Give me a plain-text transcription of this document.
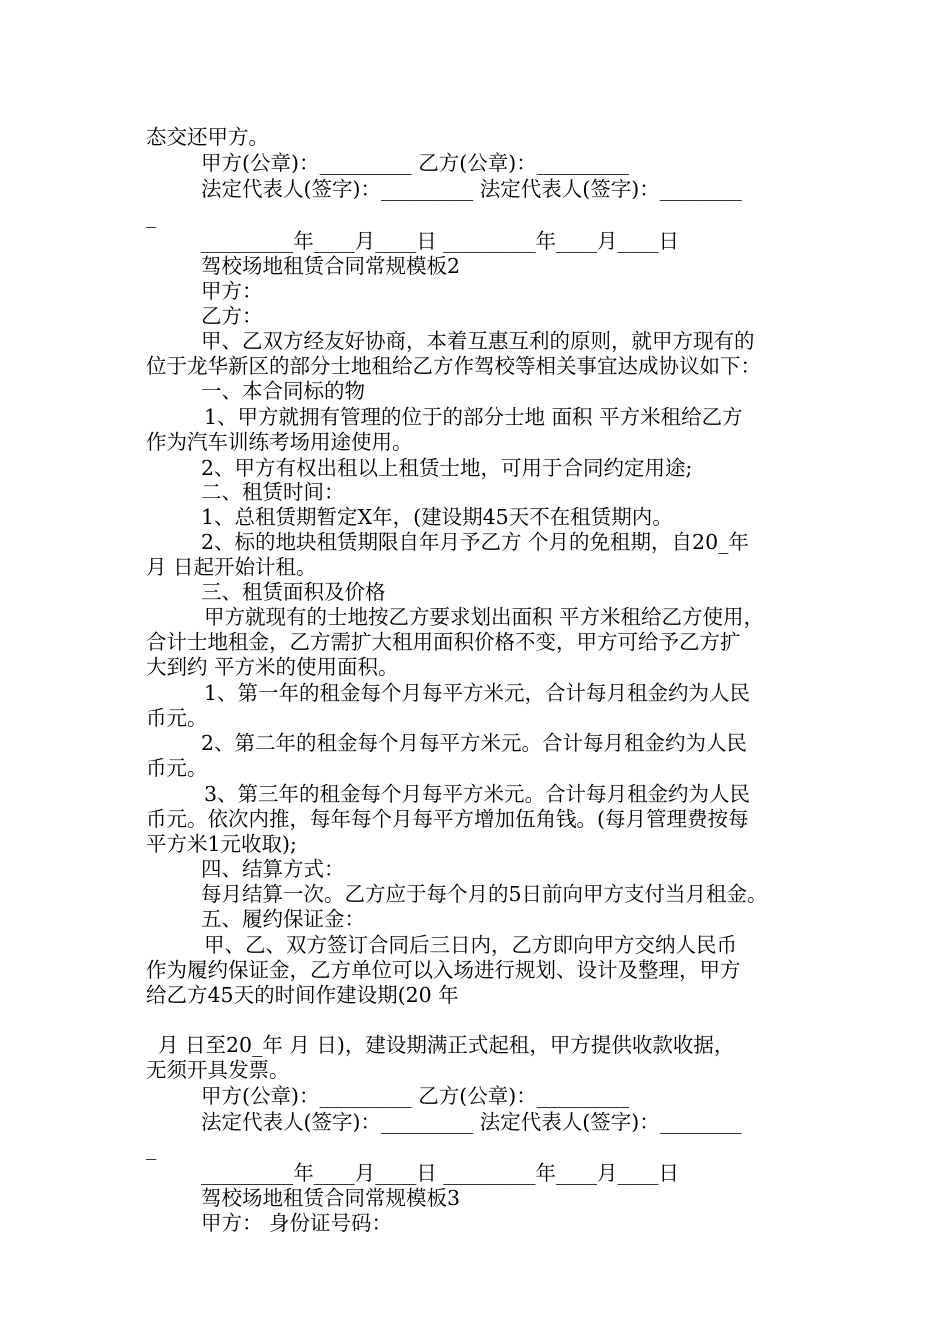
态交还甲方。
甲方(公章)：_________ 乙方(公章)：_________
法定代表人(签字)：_________ 法定代表人(签字)：________
_
_________年____月____日 _________年____月____日
驾校场地租赁合同常规模板2
甲方：
乙方：
甲、乙双方经友好协商，本着互惠互利的原则，就甲方现有的
位于龙华新区的部分士地租给乙方作驾校等相关事宜达成协议如下：
一、本合同标的物
1、甲方就拥有管理的位于的部分士地 面积 平方米租给乙方
作为汽车训练考场用途使用。
2、甲方有权出租以上租赁士地，可用于合同约定用途;
二、租赁时间：
1、总租赁期暂定X年，(建设期45天不在租赁期内。
2、标的地块租赁期限自年月予乙方 个月的免租期，自20_年
月 日起开始计租。
三、租赁面积及价格
甲方就现有的士地按乙方要求划出面积 平方米租给乙方使用，
合计士地租金，乙方需扩大租用面积价格不变，甲方可给予乙方扩
大到约 平方米的使用面积。
1、第一年的租金每个月每平方米元，合计每月租金约为人民
币元。
2、第二年的租金每个月每平方米元。合计每月租金约为人民
币元。
3、第三年的租金每个月每平方米元。合计每月租金约为人民
币元。依次内推，每年每个月每平方增加伍角钱。(每月管理费按每
平方米1元收取);
四、结算方式：
每月结算一次。乙方应于每个月的5日前向甲方支付当月租金。
五、履约保证金：
甲、乙、双方签订合同后三日内，乙方即向甲方交纳人民币
作为履约保证金，乙方单位可以入场进行规划、设计及整理，甲方
给乙方45天的时间作建设期(20 年
月 日至20_年 月 日)，建设期满正式起租，甲方提供收款收据，
无须开具发票。
甲方(公章)：_________ 乙方(公章)：_________
法定代表人(签字)：_________ 法定代表人(签字)：________
_
_________年____月____日 _________年____月____日
驾校场地租赁合同常规模板3
甲方： 身份证号码：
